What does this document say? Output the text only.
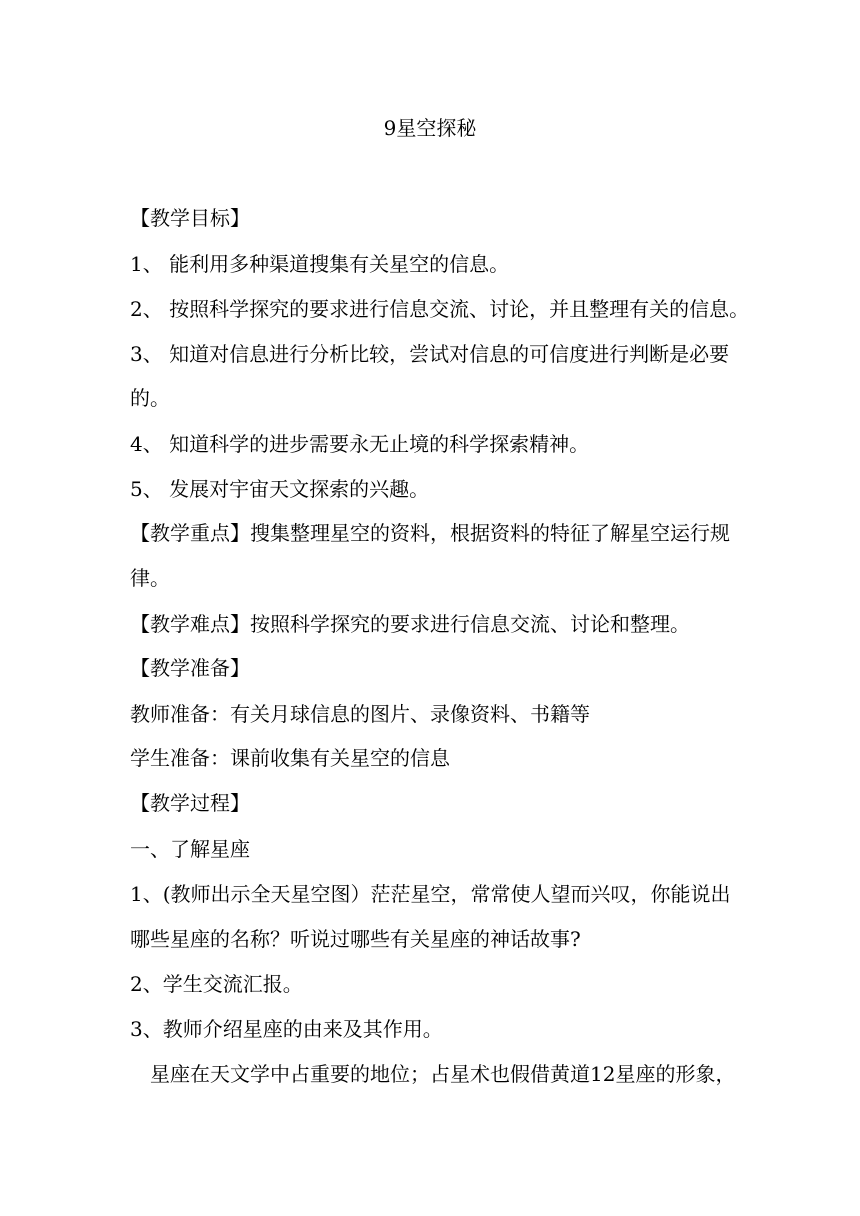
9星空探秘
【教学目标】
1、 能利用多种渠道搜集有关星空的信息。
2、 按照科学探究的要求进行信息交流、讨论，并且整理有关的信息。
3、 知道对信息进行分析比较，尝试对信息的可信度进行判断是必要
的。
4、 知道科学的进步需要永无止境的科学探索精神。
5、 发展对宇宙天文探索的兴趣。
【教学重点】搜集整理星空的资料，根据资料的特征了解星空运行规
律。
【教学难点】按照科学探究的要求进行信息交流、讨论和整理。
【教学准备】
教师准备：有关月球信息的图片、录像资料、书籍等
学生准备：课前收集有关星空的信息
【教学过程】
一、了解星座
1、(教师出示全天星空图）茫茫星空，常常使人望而兴叹，你能说出
哪些星座的名称？听说过哪些有关星座的神话故事?
2、学生交流汇报。
3、教师介绍星座的由来及其作用。
星座在天文学中占重要的地位；占星术也假借黄道12星座的形象，
